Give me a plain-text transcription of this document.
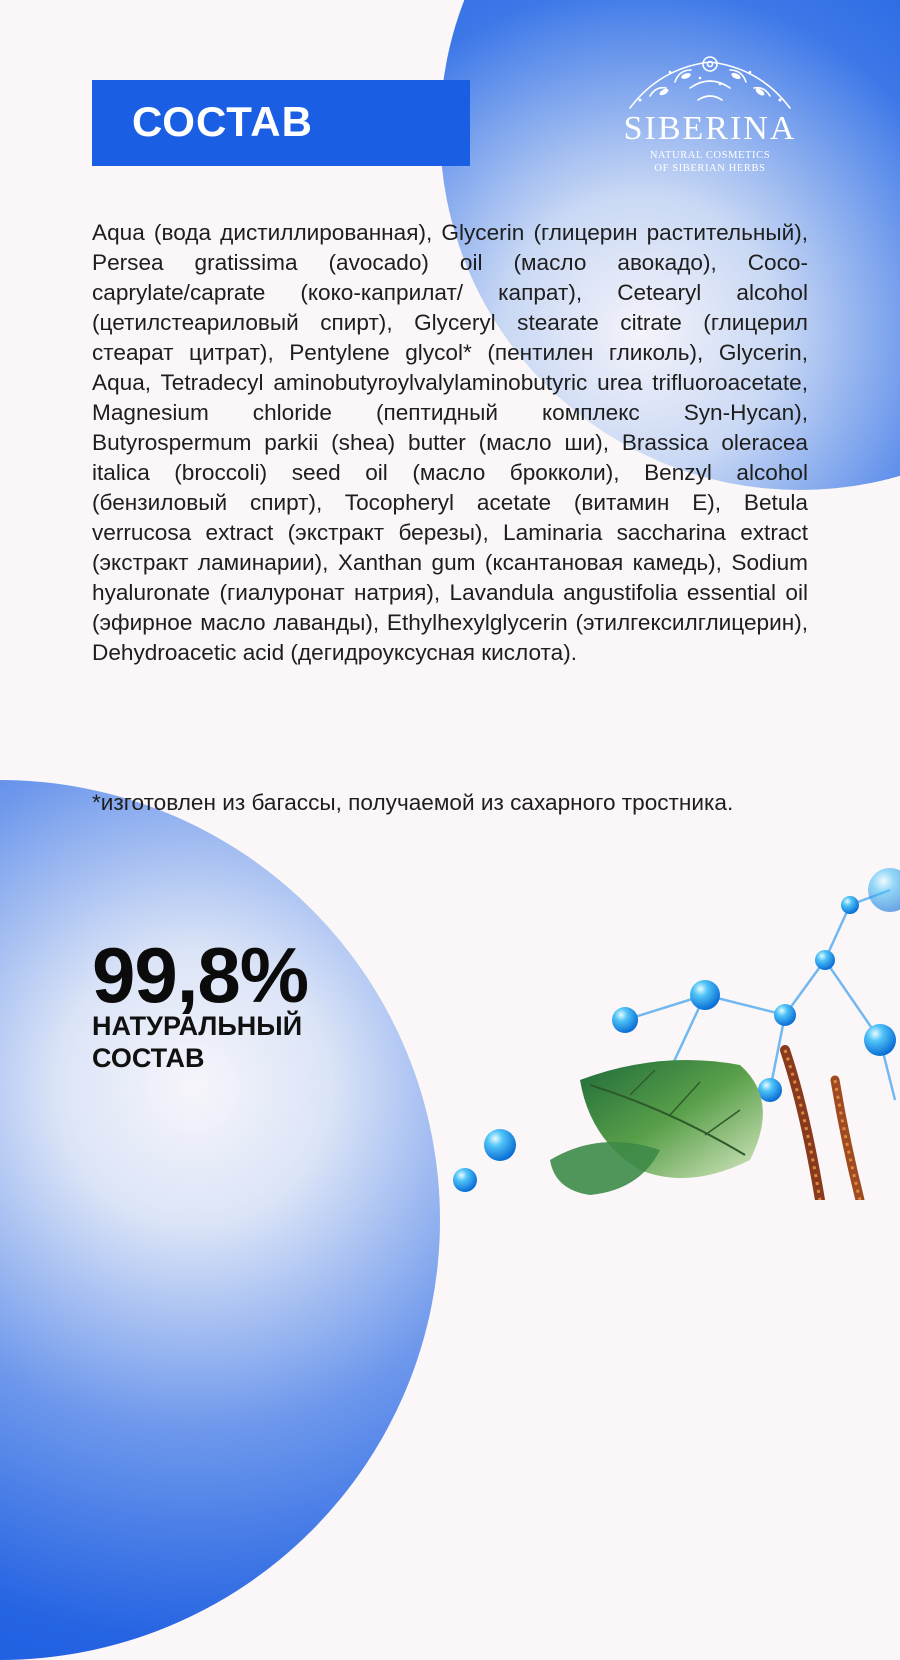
СОСТАВ	SIBERINA
NATURAL COSMETICS
OF SIBERIAN HERBS

Aqua (вода дистиллированная), Glycerin (глицерин растительный), Persea gratissima (avocado) oil (масло авокадо), Coco-caprylate/caprate (коко-каприлат/ капрат), Cetearyl alcohol (цетилстеариловый спирт), Glyceryl stearate citrate (глицерил стеарат цитрат), Pentylene glycol* (пентилен гликоль), Glycerin, Aqua, Tetradecyl aminobutyroylvalylaminobutyric urea trifluoroacetate, Magnesium chloride (пептидный комплекс Syn-Hycan), Butyrospermum parkii (shea) butter (масло ши), Brassica oleracea italica (broccoli) seed oil (масло брокколи), Benzyl alcohol (бензиловый спирт), Tocopheryl acetate (витамин E), Betula verrucosa extract (экстракт березы), Laminaria saccharina extract (экстракт ламинарии), Xanthan gum (ксантановая камедь), Sodium hyaluronate (гиалуронат натрия), Lavandula angustifolia essential oil (эфирное масло лаванды), Ethylhexylglycerin (этилгексилглицерин), Dehydroacetic acid (дегидроуксусная кислота).

*изготовлен из багассы, получаемой из сахарного тростника.

99,8%
НАТУРАЛЬНЫЙ
СОСТАВ
